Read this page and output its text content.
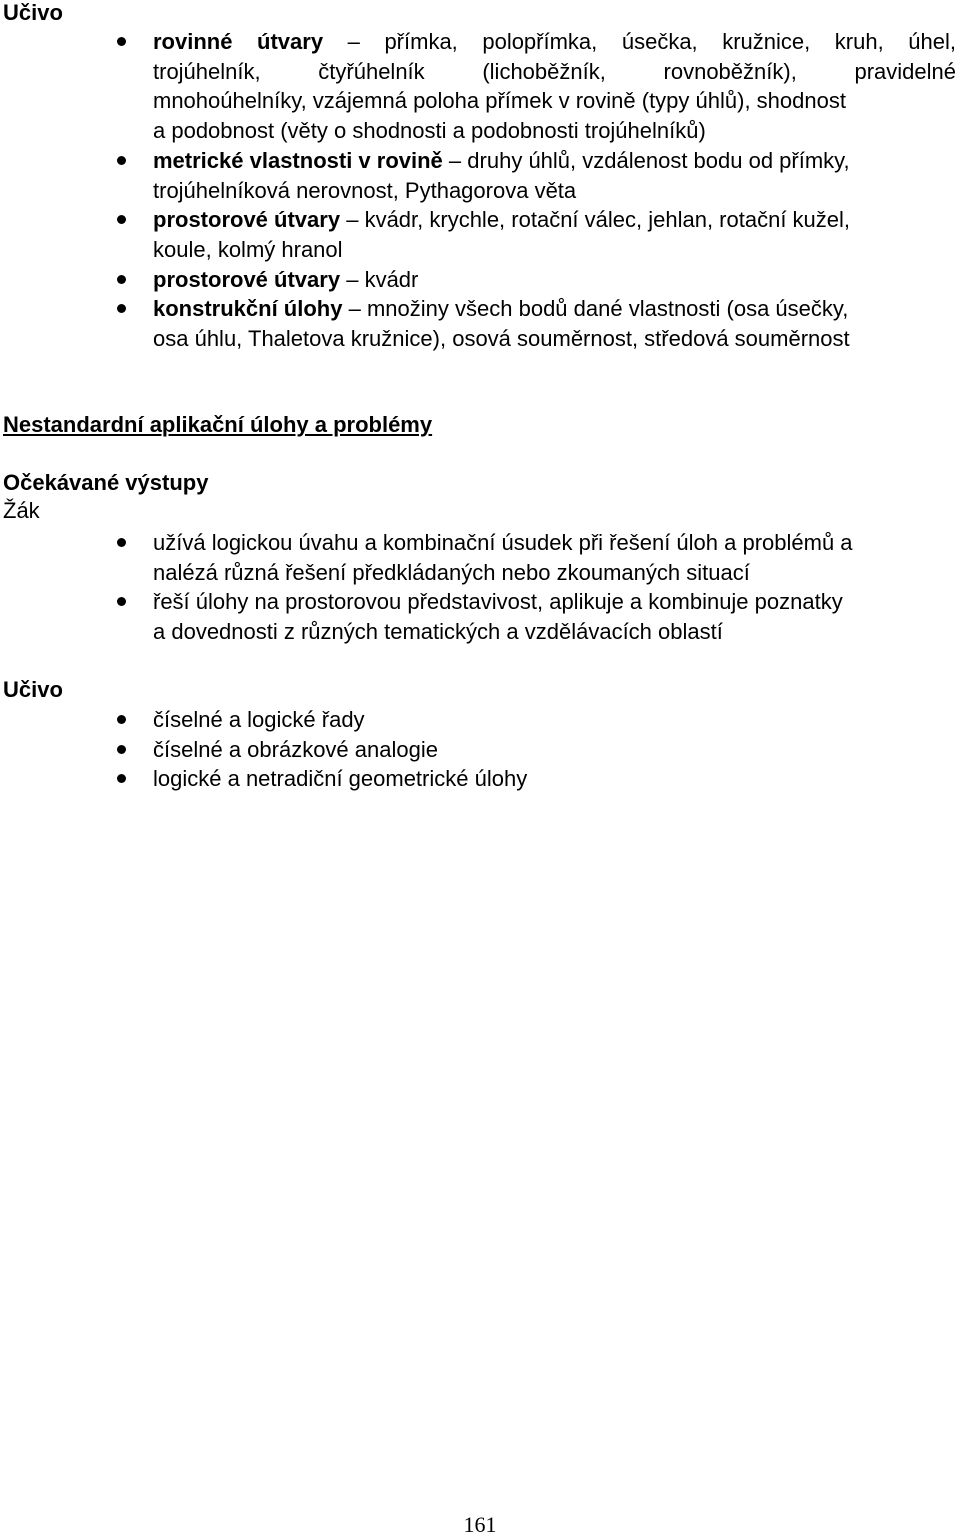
Učivo
rovinné útvary – přímka, polopřímka, úsečka, kružnice, kruh, úhel,
trojúhelník, čtyřúhelník (lichoběžník, rovnoběžník), pravidelné
mnohoúhelníky, vzájemná poloha přímek v rovině (typy úhlů), shodnost
a podobnost (věty o shodnosti a podobnosti trojúhelníků)
metrické vlastnosti v rovině – druhy úhlů, vzdálenost bodu od přímky,
trojúhelníková nerovnost, Pythagorova věta
prostorové útvary – kvádr, krychle, rotační válec, jehlan, rotační kužel,
koule, kolmý hranol
prostorové útvary – kvádr
konstrukční úlohy – množiny všech bodů dané vlastnosti (osa úsečky,
osa úhlu, Thaletova kružnice), osová souměrnost, středová souměrnost
Nestandardní aplikační úlohy a problémy
Očekávané výstupy
Žák
užívá logickou úvahu a kombinační úsudek při řešení úloh a problémů a
nalézá různá řešení předkládaných nebo zkoumaných situací
řeší úlohy na prostorovou představivost, aplikuje a kombinuje poznatky
a dovednosti z různých tematických a vzdělávacích oblastí
Učivo
číselné a logické řady
číselné a obrázkové analogie
logické a netradiční geometrické úlohy
161
